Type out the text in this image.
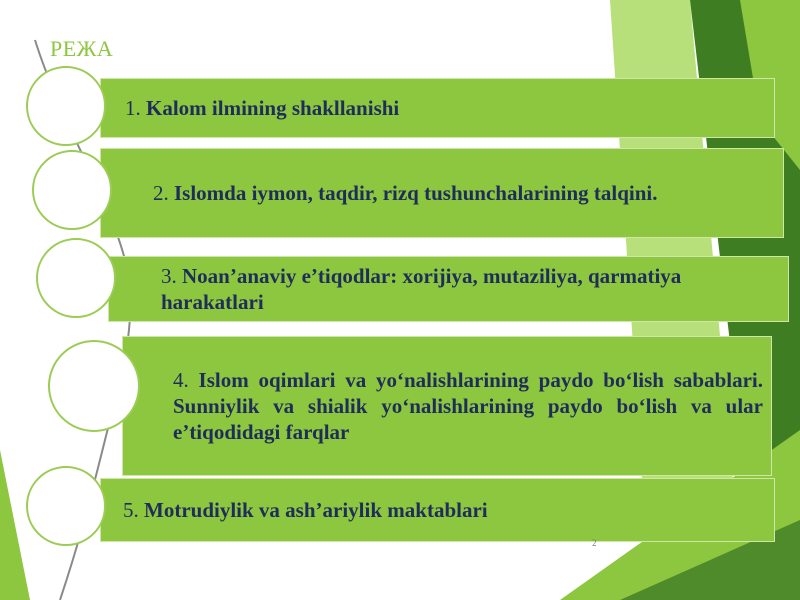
РЕЖА
1. Kalom ilmining shakllanishi
2. Islomda iymon, taqdir, rizq tushunchalarining talqini.
3. Noan’anaviy e’tiqodlar: xorijiya, mutaziliya, qarmatiya harakatlari
4. Islom oqimlari va yo‘nalishlarining paydo bo‘lish sabablari. Sunniylik va shialik yo‘nalishlarining paydo bo‘lish va ular e’tiqodidagi farqlar
5. Motrudiylik va ash’ariylik maktablari
2
